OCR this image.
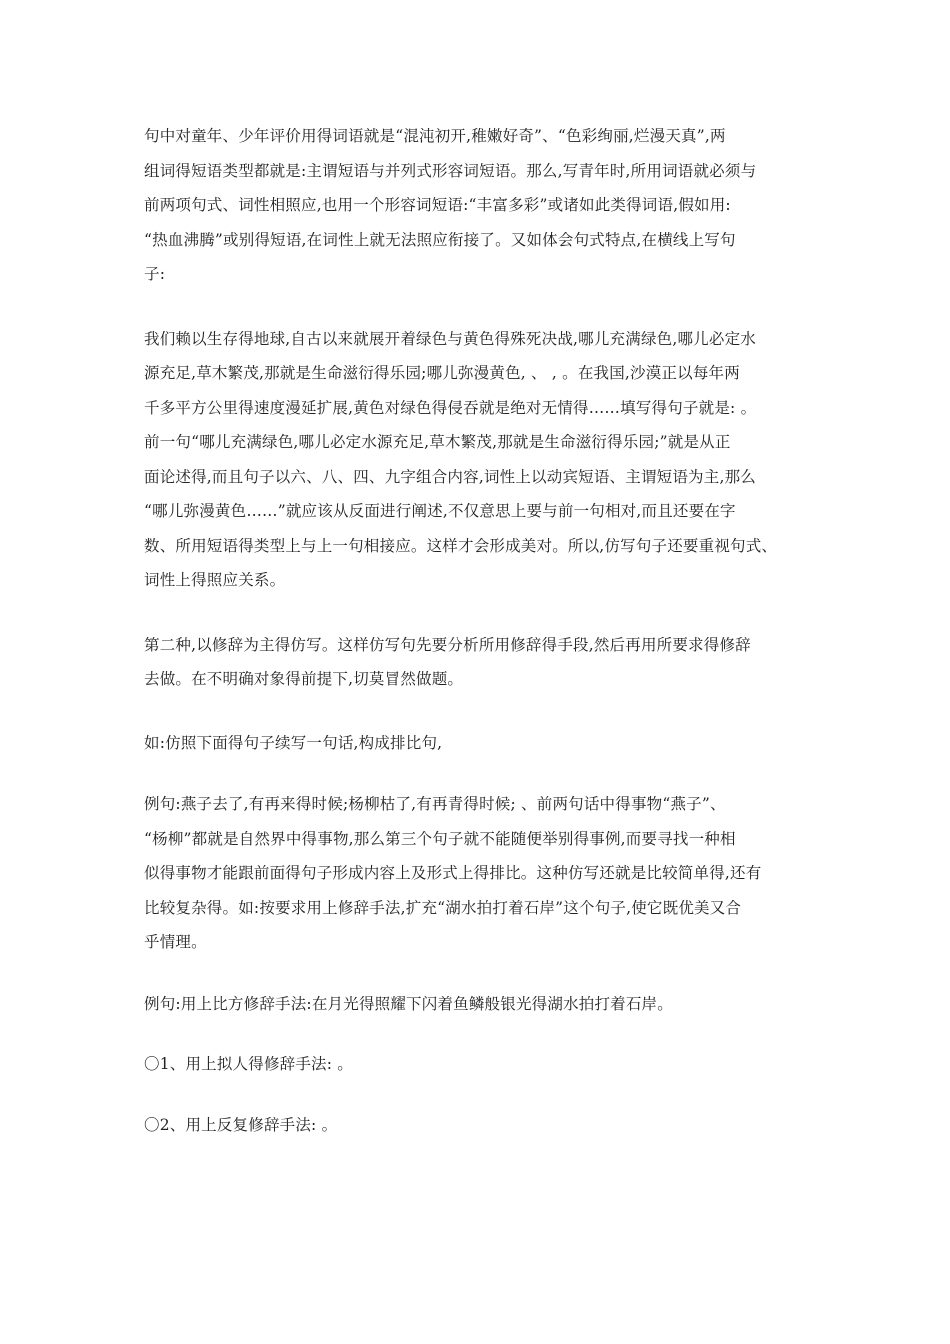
句中对童年、少年评价用得词语就是“混沌初开,稚嫩好奇”、“色彩绚丽,烂漫天真”,两
组词得短语类型都就是:主谓短语与并列式形容词短语。那么,写青年时,所用词语就必须与
前两项句式、词性相照应,也用一个形容词短语:“丰富多彩”或诸如此类得词语,假如用:
“热血沸腾”或别得短语,在词性上就无法照应衔接了。又如体会句式特点,在横线上写句
子:

我们赖以生存得地球,自古以来就展开着绿色与黄色得殊死决战,哪儿充满绿色,哪儿必定水
源充足,草木繁茂,那就是生命滋衍得乐园;哪儿弥漫黄色, 、 , 。在我国,沙漠正以每年两
千多平方公里得速度漫延扩展,黄色对绿色得侵吞就是绝对无情得……填写得句子就是: 。
前一句“哪儿充满绿色,哪儿必定水源充足,草木繁茂,那就是生命滋衍得乐园;”就是从正
面论述得,而且句子以六、八、四、九字组合内容,词性上以动宾短语、主谓短语为主,那么
“哪儿弥漫黄色……”就应该从反面进行阐述,不仅意思上要与前一句相对,而且还要在字
数、所用短语得类型上与上一句相接应。这样才会形成美对。所以,仿写句子还要重视句式、
词性上得照应关系。

第二种,以修辞为主得仿写。这样仿写句先要分析所用修辞得手段,然后再用所要求得修辞
去做。在不明确对象得前提下,切莫冒然做题。

如:仿照下面得句子续写一句话,构成排比句,

例句:燕子去了,有再来得时候;杨柳枯了,有再青得时候; 、前两句话中得事物“燕子”、
“杨柳”都就是自然界中得事物,那么第三个句子就不能随便举别得事例,而要寻找一种相
似得事物才能跟前面得句子形成内容上及形式上得排比。这种仿写还就是比较简单得,还有
比较复杂得。如:按要求用上修辞手法,扩充“湖水拍打着石岸”这个句子,使它既优美又合
乎情理。

例句:用上比方修辞手法:在月光得照耀下闪着鱼鳞般银光得湖水拍打着石岸。

〇1、用上拟人得修辞手法: 。

〇2、用上反复修辞手法: 。
